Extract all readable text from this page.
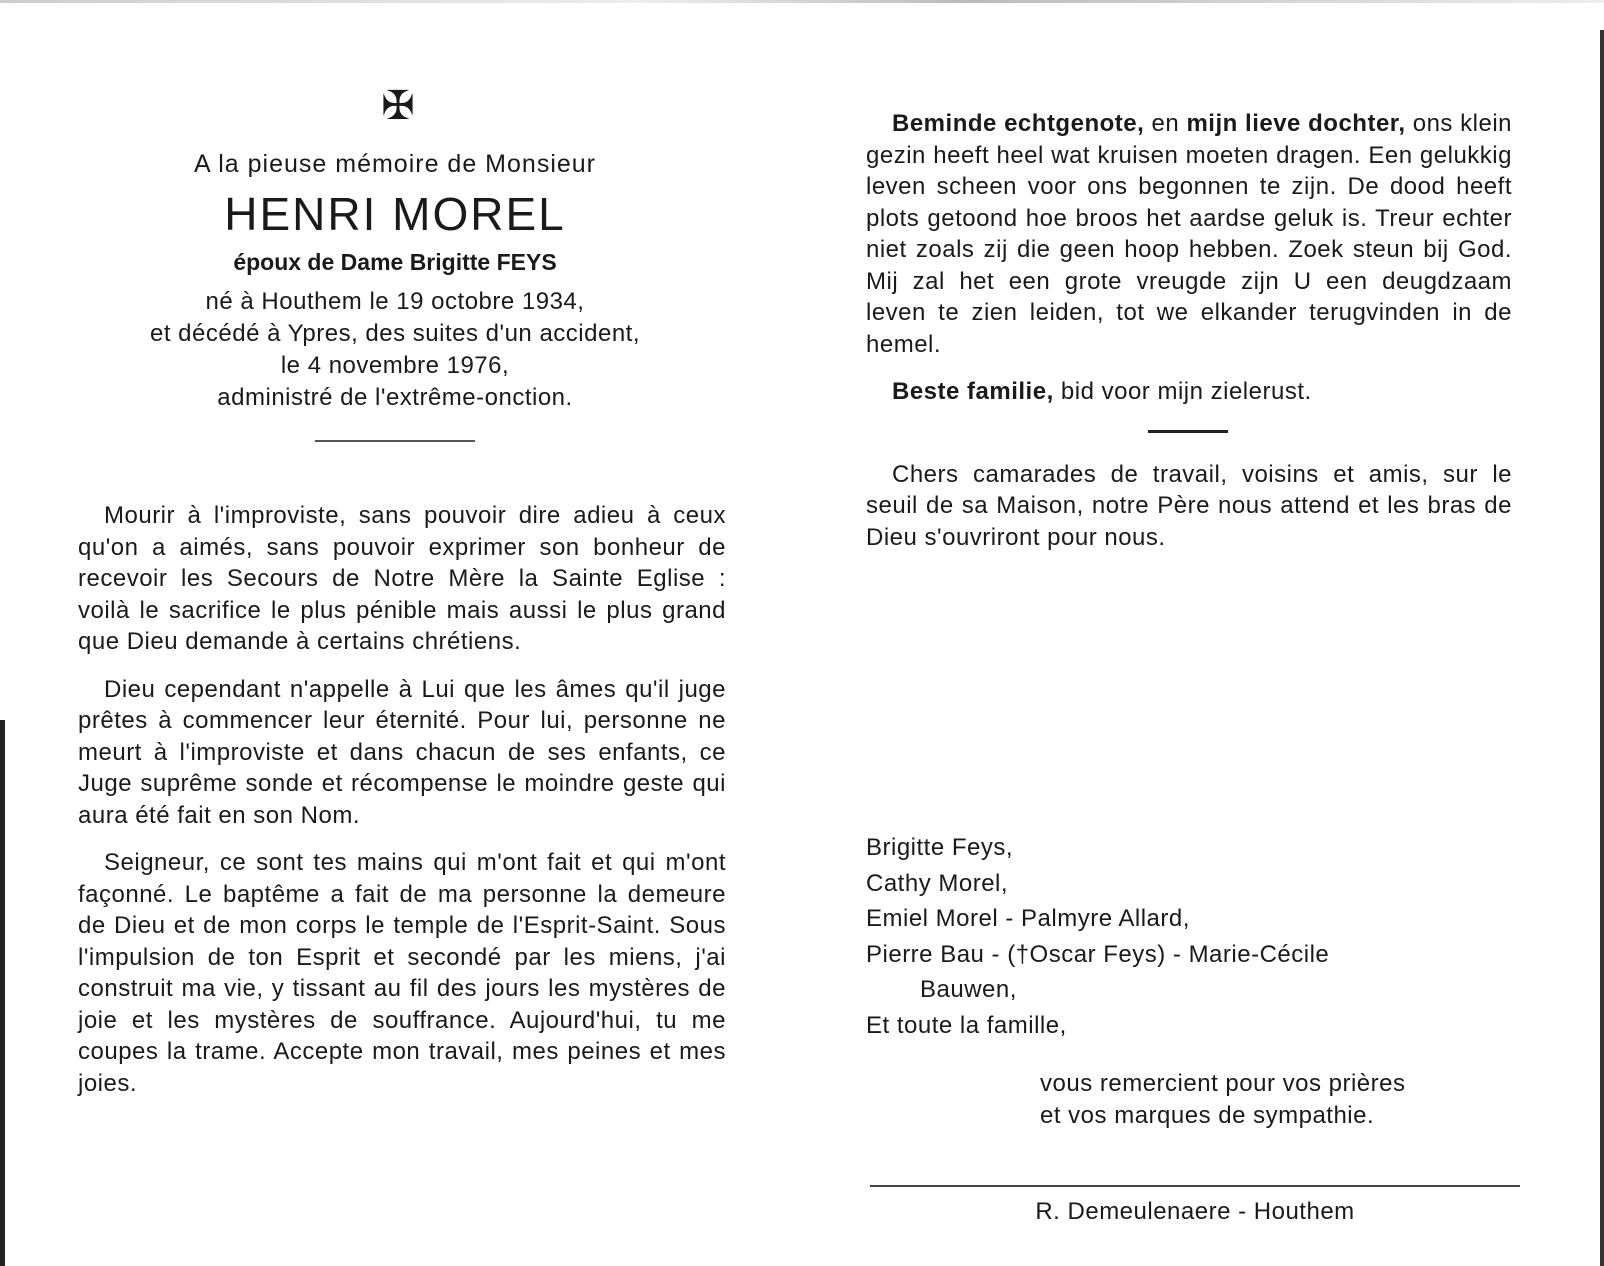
✠
A la pieuse mémoire de Monsieur
HENRI MOREL
époux de Dame Brigitte FEYS
né à Houthem le 19 octobre 1934,
et décédé à Ypres, des suites d'un accident,
le 4 novembre 1976,
administré de l'extrême-onction.

Mourir à l'improviste, sans pouvoir dire adieu à ceux qu'on a aimés, sans pouvoir exprimer son bonheur de recevoir les Secours de Notre Mère la Sainte Eglise : voilà le sacrifice le plus pénible mais aussi le plus grand que Dieu demande à certains chrétiens.

Dieu cependant n'appelle à Lui que les âmes qu'il juge prêtes à commencer leur éternité. Pour lui, personne ne meurt à l'improviste et dans chacun de ses enfants, ce Juge suprême sonde et récompense le moindre geste qui aura été fait en son Nom.

Seigneur, ce sont tes mains qui m'ont fait et qui m'ont façonné. Le baptême a fait de ma personne la demeure de Dieu et de mon corps le temple de l'Esprit-Saint. Sous l'impulsion de ton Esprit et secondé par les miens, j'ai construit ma vie, y tissant au fil des jours les mystères de joie et les mystères de souffrance. Aujourd'hui, tu me coupes la trame. Accepte mon travail, mes peines et mes joies.

Beminde echtgenote, en mijn lieve dochter, ons klein gezin heeft heel wat kruisen moeten dragen. Een gelukkig leven scheen voor ons begonnen te zijn. De dood heeft plots getoond hoe broos het aardse geluk is. Treur echter niet zoals zij die geen hoop hebben. Zoek steun bij God. Mij zal het een grote vreugde zijn U een deugdzaam leven te zien leiden, tot we elkander terugvinden in de hemel.

Beste familie, bid voor mijn zielerust.

Chers camarades de travail, voisins et amis, sur le seuil de sa Maison, notre Père nous attend et les bras de Dieu s'ouvriront pour nous.

Brigitte Feys,
Cathy Morel,
Emiel Morel - Palmyre Allard,
Pierre Bau - (†Oscar Feys) - Marie-Cécile
Bauwen,
Et toute la famille,
vous remercient pour vos prières
et vos marques de sympathie.
R. Demeulenaere - Houthem
